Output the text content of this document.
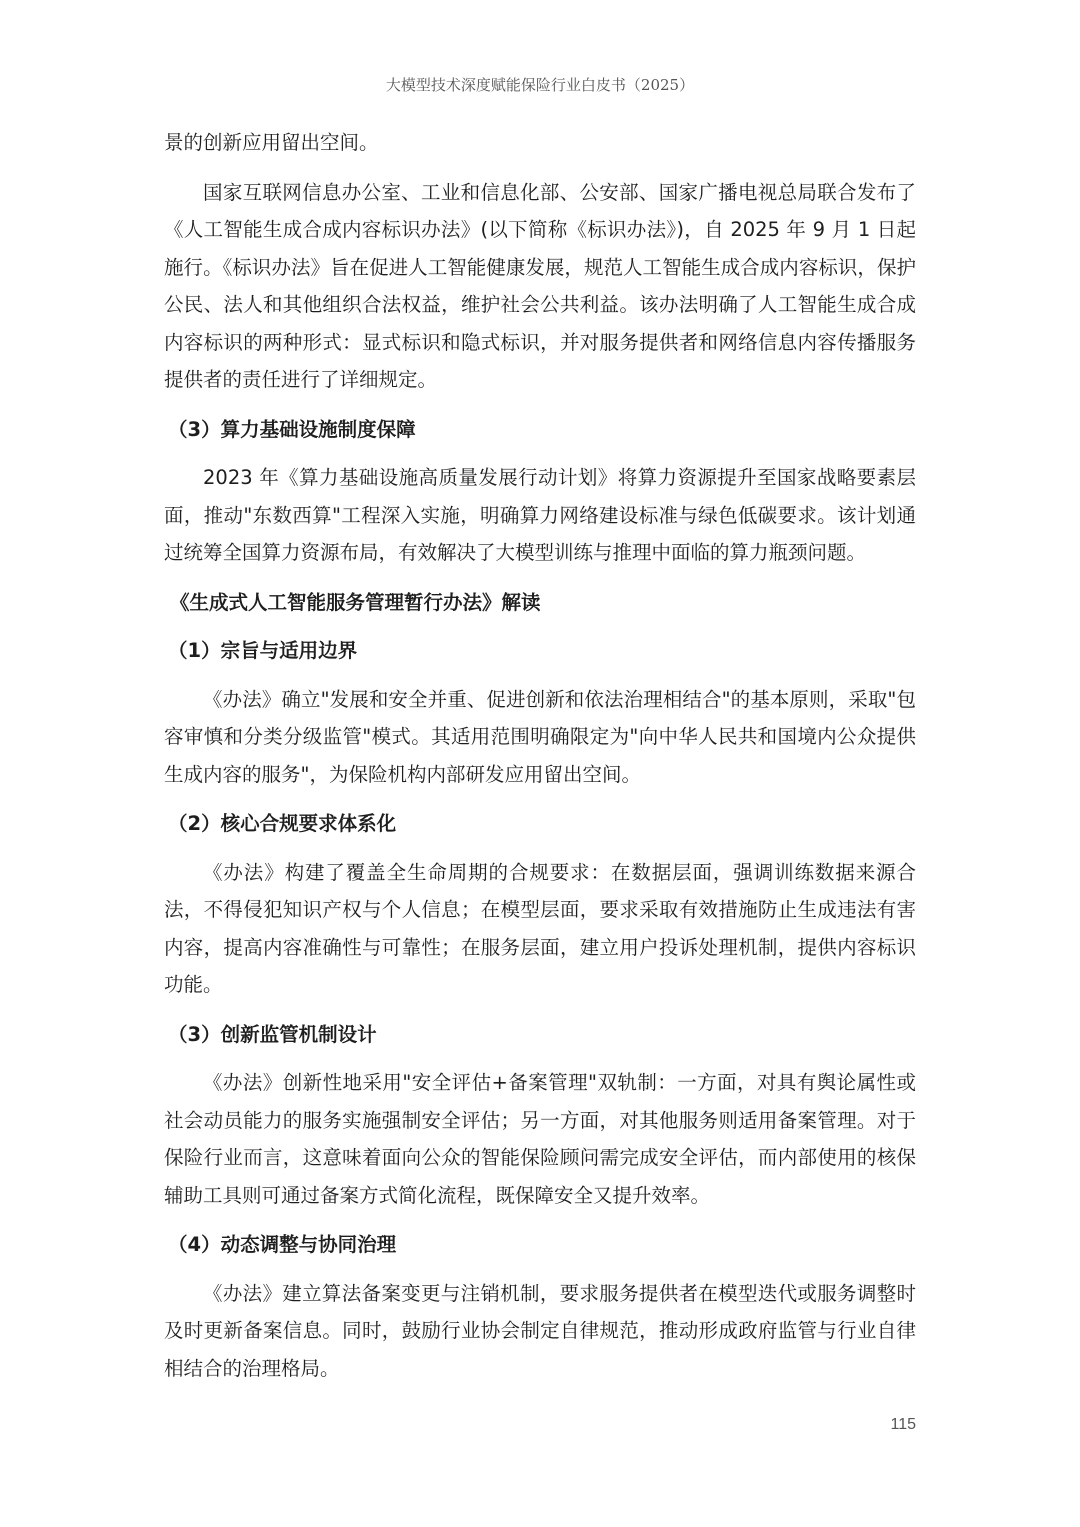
大模型技术深度赋能保险行业白皮书（2025）

景的创新应用留出空间。

国家互联网信息办公室、工业和信息化部、公安部、国家广播电视总局联合发布了《人工智能生成合成内容标识办法》(以下简称《标识办法》)，自 2025 年 9 月 1 日起施行。《标识办法》旨在促进人工智能健康发展，规范人工智能生成合成内容标识，保护公民、法人和其他组织合法权益，维护社会公共利益。该办法明确了人工智能生成合成内容标识的两种形式：显式标识和隐式标识，并对服务提供者和网络信息内容传播服务提供者的责任进行了详细规定。

（3）算力基础设施制度保障

2023 年《算力基础设施高质量发展行动计划》将算力资源提升至国家战略要素层面，推动"东数西算"工程深入实施，明确算力网络建设标准与绿色低碳要求。该计划通过统筹全国算力资源布局，有效解决了大模型训练与推理中面临的算力瓶颈问题。

《生成式人工智能服务管理暂行办法》解读
（1）宗旨与适用边界

《办法》确立"发展和安全并重、促进创新和依法治理相结合"的基本原则，采取"包容审慎和分类分级监管"模式。其适用范围明确限定为"向中华人民共和国境内公众提供生成内容的服务"，为保险机构内部研发应用留出空间。

（2）核心合规要求体系化

《办法》构建了覆盖全生命周期的合规要求：在数据层面，强调训练数据来源合法，不得侵犯知识产权与个人信息；在模型层面，要求采取有效措施防止生成违法有害内容，提高内容准确性与可靠性；在服务层面，建立用户投诉处理机制，提供内容标识功能。

（3）创新监管机制设计

《办法》创新性地采用"安全评估+备案管理"双轨制：一方面，对具有舆论属性或社会动员能力的服务实施强制安全评估；另一方面，对其他服务则适用备案管理。对于保险行业而言，这意味着面向公众的智能保险顾问需完成安全评估，而内部使用的核保辅助工具则可通过备案方式简化流程，既保障安全又提升效率。

（4）动态调整与协同治理

《办法》建立算法备案变更与注销机制，要求服务提供者在模型迭代或服务调整时及时更新备案信息。同时，鼓励行业协会制定自律规范，推动形成政府监管与行业自律相结合的治理格局。

115
